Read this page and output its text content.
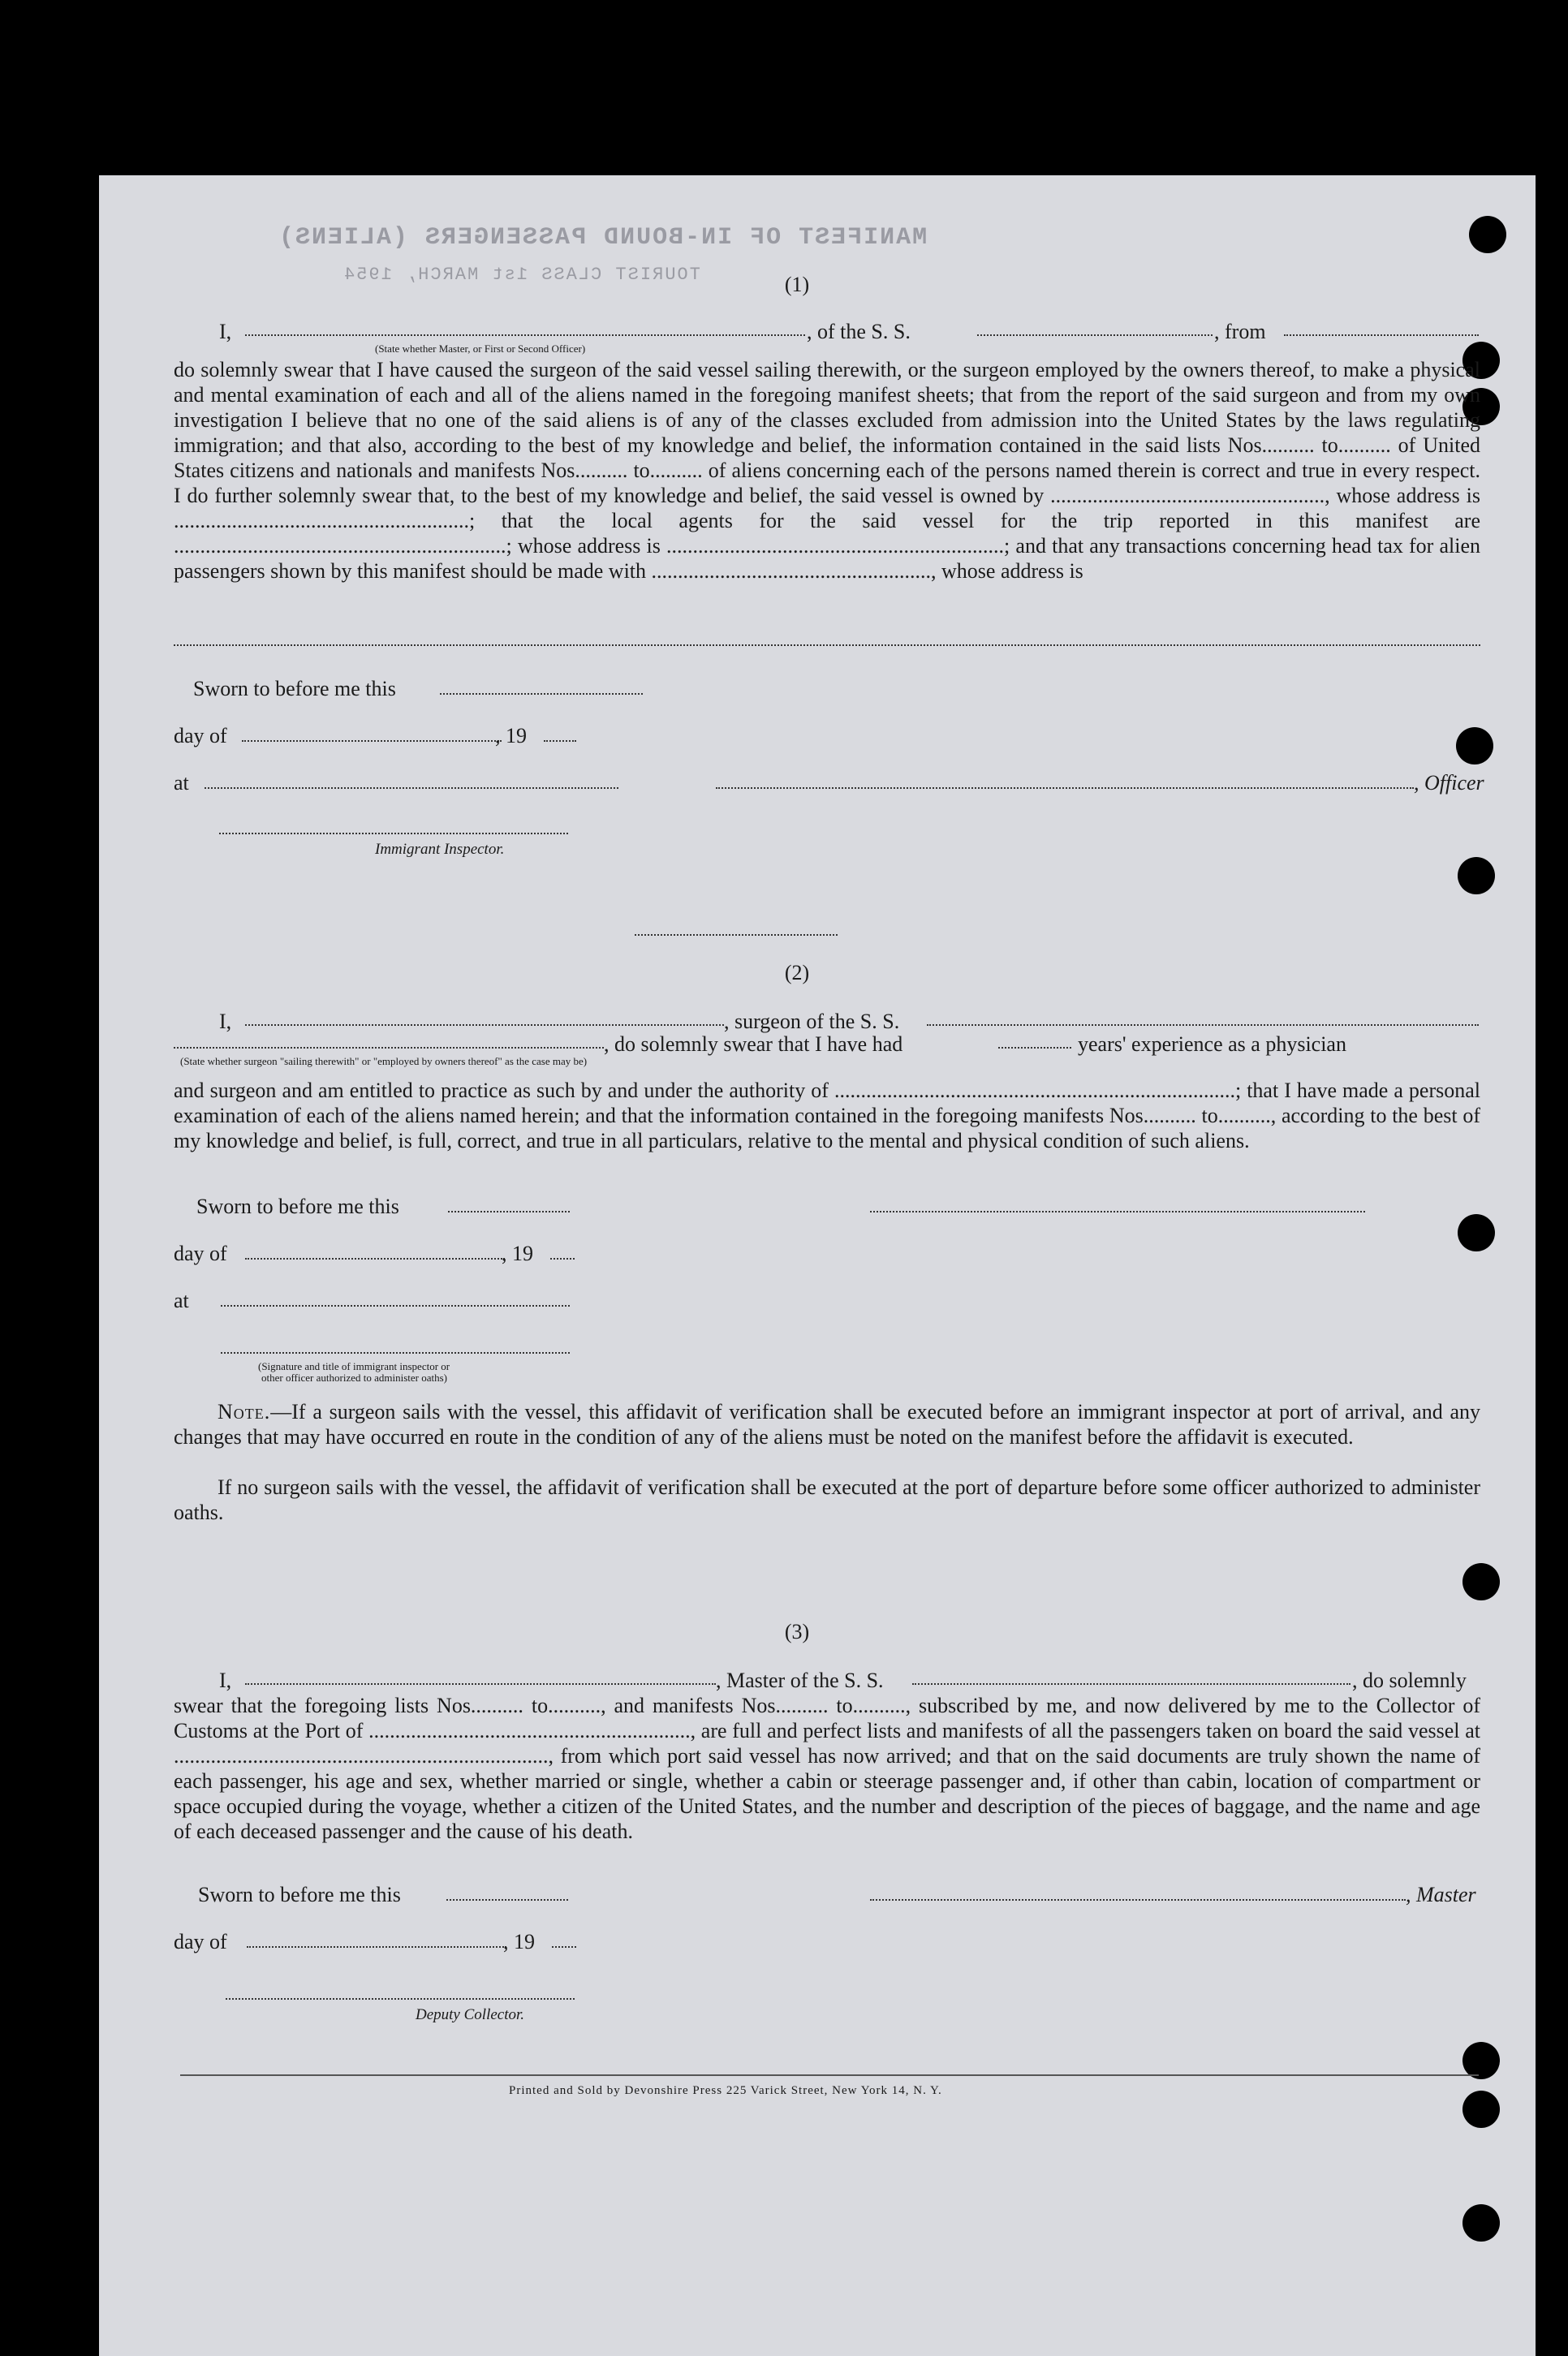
MANIFEST OF IN-BOUND PASSENGERS (ALIENS)
TOURIST CLASS 1st MARCH, 1954	(1)
I,	, of the S. S.	, from
(State whether Master, or First or Second Officer)
do solemnly swear that I have caused the surgeon of the said vessel sailing therewith, or the surgeon employed by the owners thereof, to make a physical and mental examination of each and all of the aliens named in the foregoing manifest sheets; that from the report of the said surgeon and from my own investigation I believe that no one of the said aliens is of any of the classes excluded from admission into the United States by the laws regulating immigration; and that also, according to the best of my knowledge and belief, the information contained in the said lists Nos.......... to.......... of United States citizens and nationals and manifests Nos.......... to.......... of aliens concerning each of the persons named therein is correct and true in every respect. I do further solemnly swear that, to the best of my knowledge and belief, the said vessel is owned by ...................................................., whose address is ........................................................; that the local agents for the said vessel for the trip reported in this manifest are ...............................................................; whose address is ................................................................; and that any transactions concerning head tax for alien passengers shown by this manifest should be made with ....................................................., whose address is
Sworn to before me this
day of	, 19
at	, Officer
Immigrant Inspector.
(2)
I,	, surgeon of the S. S.
, do solemnly swear that I have had	years' experience as a physician
(State whether surgeon "sailing therewith" or "employed by owners thereof" as the case may be)
and surgeon and am entitled to practice as such by and under the authority of ............................................................................; that I have made a personal examination of each of the aliens named herein; and that the information contained in the foregoing manifests Nos.......... to.........., according to the best of my knowledge and belief, is full, correct, and true in all particulars, relative to the mental and physical condition of such aliens.
Sworn to before me this
day of	, 19
at
(Signature and title of immigrant inspector or
other officer authorized to administer oaths)
Note.—If a surgeon sails with the vessel, this affidavit of verification shall be executed before an immigrant inspector at port of arrival, and any changes that may have occurred en route in the condition of any of the aliens must be noted on the manifest before the affidavit is executed.
If no surgeon sails with the vessel, the affidavit of verification shall be executed at the port of departure before some officer authorized to administer oaths.
(3)
I,	, Master of the S. S.	, do solemnly
swear that the foregoing lists Nos.......... to.........., and manifests Nos.......... to.........., subscribed by me, and now delivered by me to the Collector of Customs at the Port of ............................................................., are full and perfect lists and manifests of all the passengers taken on board the said vessel at ......................................................................., from which port said vessel has now arrived; and that on the said documents are truly shown the name of each passenger, his age and sex, whether married or single, whether a cabin or steerage passenger and, if other than cabin, location of compartment or space occupied during the voyage, whether a citizen of the United States, and the number and description of the pieces of baggage, and the name and age of each deceased passenger and the cause of his death.
Sworn to before me this	, Master
day of	, 19
Deputy Collector.
Printed and Sold by Devonshire Press 225 Varick Street, New York 14, N. Y.
